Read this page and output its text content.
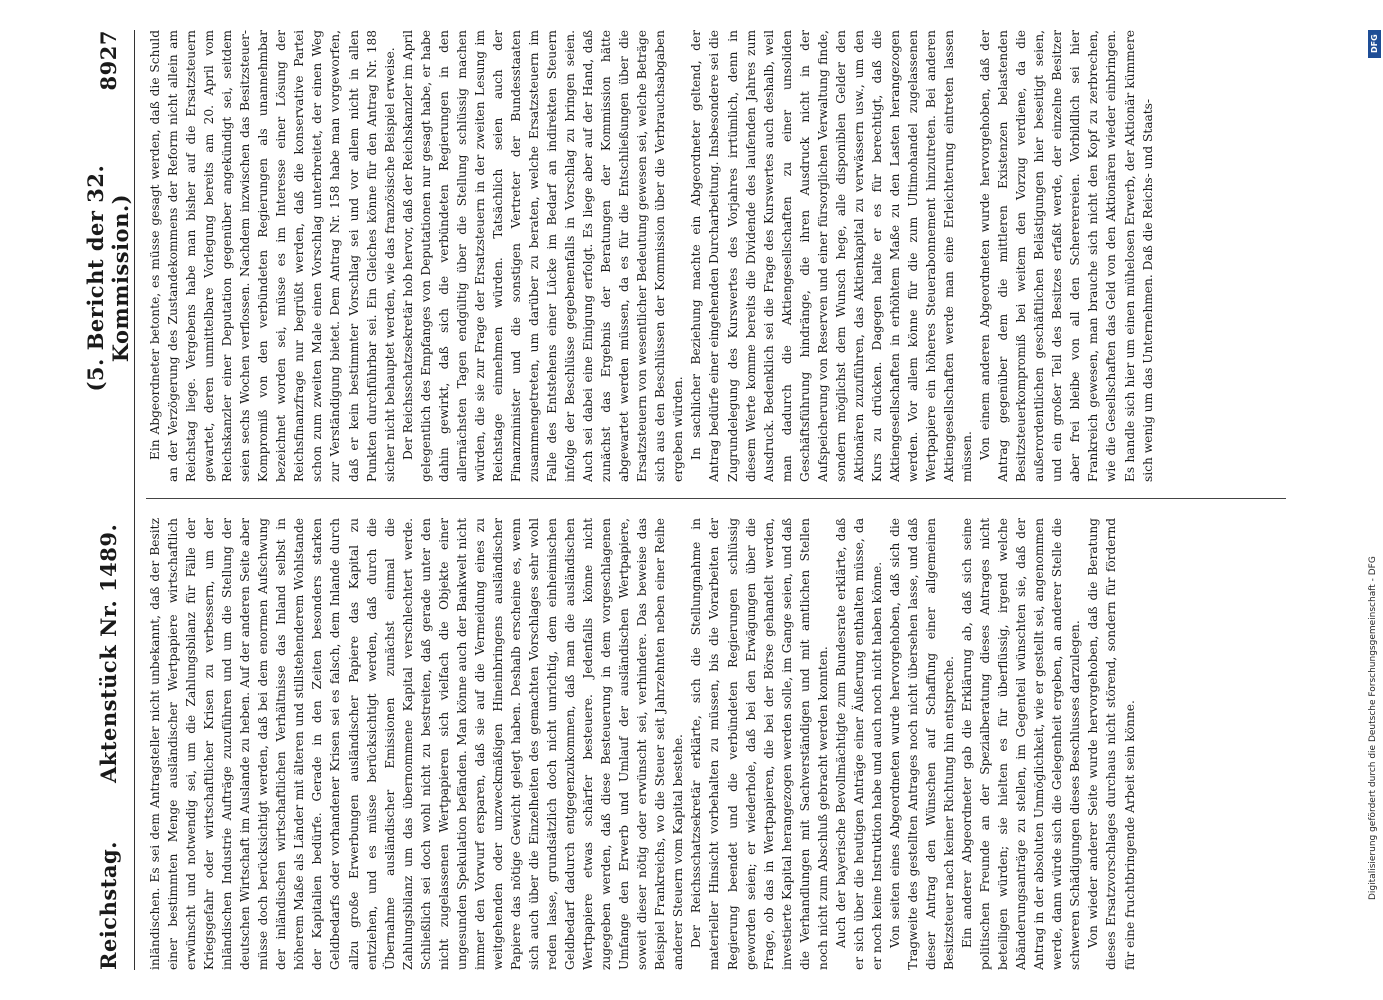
Reichstag.
Aktenstück Nr. 1489.
(5. Bericht der 32. Kommission.)
8927

inländischen. Es sei dem Antragsteller nicht unbekannt, daß der Besitz einer bestimmten Menge ausländischer Wertpapiere wirtschaftlich erwünscht und notwendig sei, um die Zahlungsbilanz für Fälle der Kriegsgefahr oder wirtschaftlicher Krisen zu verbessern, um der inländischen Industrie Aufträge zuzuführen und um die Stellung der deutschen Wirtschaft im Auslande zu heben. Auf der anderen Seite aber müsse doch berücksichtigt werden, daß bei dem enormen Aufschwung der inländischen wirtschaftlichen Verhältnisse das Inland selbst in höherem Maße als Länder mit älteren und stillstehenderem Wohlstande der Kapitalien bedürfe. Gerade in den Zeiten besonders starken Geldbedarfs oder vorhandener Krisen sei es falsch, dem Inlande durch allzu große Erwerbungen ausländischer Papiere das Kapital zu entziehen, und es müsse berücksichtigt werden, daß durch die Übernahme ausländischer Emissionen zunächst einmal die Zahlungsbilanz um das übernommene Kapital verschlechtert werde. Schließlich sei doch wohl nicht zu bestreiten, daß gerade unter den nicht zugelassenen Wertpapieren sich vielfach die Objekte einer ungesunden Spekulation befänden. Man könne auch der Bankwelt nicht immer den Vorwurf ersparen, daß sie auf die Vermeidung eines zu weitgehenden oder unzweckmäßigen Hineinbringens ausländischer Papiere das nötige Gewicht gelegt haben. Deshalb erscheine es, wenn sich auch über die Einzelheiten des gemachten Vorschlages sehr wohl reden lasse, grundsätzlich doch nicht unrichtig, dem einheimischen Geldbedarf dadurch entgegenzukommen, daß man die ausländischen Wertpapiere etwas schärfer besteuere. Jedenfalls könne nicht zugegeben werden, daß diese Besteuerung in dem vorgeschlagenen Umfange den Erwerb und Umlauf der ausländischen Wertpapiere, soweit dieser nötig oder erwünscht sei, verhindere. Das beweise das Beispiel Frankreichs, wo die Steuer seit Jahrzehnten neben einer Reihe anderer Steuern vom Kapital bestehe. Der Reichsschatzsekretär erklärte, sich die Stellungnahme in materieller Hinsicht vorbehalten zu müssen, bis die Vorarbeiten der Regierung beendet und die verbündeten Regierungen schlüssig geworden seien; er wiederhole, daß bei den Erwägungen über die Frage, ob das in Wertpapieren, die bei der Börse gehandelt werden, investierte Kapital herangezogen werden solle, im Gange seien, und daß die Verhandlungen mit Sachverständigen und mit amtlichen Stellen noch nicht zum Abschluß gebracht werden konnten. Auch der bayerische Bevollmächtigte zum Bundesrate erklärte, daß er sich über die heutigen Anträge einer Äußerung enthalten müsse, da er noch keine Instruktion habe und auch noch nicht haben könne. Von seiten eines Abgeordneten wurde hervorgehoben, daß sich die Tragweite des gestellten Antrages noch nicht übersehen lasse, und daß dieser Antrag den Wünschen auf Schaffung einer allgemeinen Besitzsteuer nach keiner Richtung hin entspreche. Ein anderer Abgeordneter gab die Erklärung ab, daß sich seine politischen Freunde an der Spezialberatung dieses Antrages nicht beteiligen würden; sie hielten es für überflüssig, irgend welche Abänderungsanträge zu stellen, im Gegenteil wünschten sie, daß der Antrag in der absoluten Unmöglichkeit, wie er gestellt sei, angenommen werde, dann würde sich die Gelegenheit ergeben, an anderer Stelle die schweren Schädigungen dieses Beschlusses darzulegen. Von wieder anderer Seite wurde hervorgehoben, daß die Beratung dieses Ersatzvorschlages durchaus nicht störend, sondern für fördernd für eine fruchtbringende Arbeit sein könne.

Ein Abgeordneter betonte, es müsse gesagt werden, daß die Schuld an der Verzögerung des Zustandekommens der Reform nicht allein am Reichstag liege. Vergebens habe man bisher auf die Ersatzsteuern gewartet, deren unmittelbare Vorlegung bereits am 20. April vom Reichskanzler einer Deputation gegenüber angekündigt sei, seitdem seien sechs Wochen verflossen. Nachdem inzwischen das Besitzsteuer-Kompromiß von den verbündeten Regierungen als unannehmbar bezeichnet worden sei, müsse es im Interesse einer Lösung der Reichsfinanzfrage nur begrüßt werden, daß die konservative Partei schon zum zweiten Male einen Vorschlag unterbreitet, der einen Weg zur Verständigung bietet. Dem Antrag Nr. 158 habe man vorgeworfen, daß er kein bestimmter Vorschlag sei und vor allem nicht in allen Punkten durchführbar sei. Ein Gleiches könne für den Antrag Nr. 188 sicher nicht behauptet werden, wie das französische Beispiel erweise. Der Reichsschatzsekretär hob hervor, daß der Reichskanzler im April gelegentlich des Empfanges von Deputationen nur gesagt habe, er habe dahin gewirkt, daß sich die verbündeten Regierungen in den allernächsten Tagen endgültig über die Stellung schlüssig machen würden, die sie zur Frage der Ersatzsteuern in der zweiten Lesung im Reichstage einnehmen würden. Tatsächlich seien auch der Finanzminister und die sonstigen Vertreter der Bundesstaaten zusammengetreten, um darüber zu beraten, welche Ersatzsteuern im Falle des Entstehens einer Lücke im Bedarf an indirekten Steuern infolge der Beschlüsse gegebenenfalls in Vorschlag zu bringen seien. Auch sei dabei eine Einigung erfolgt. Es liege aber auf der Hand, daß zunächst das Ergebnis der Beratungen der Kommission hätte abgewartet werden müssen, da es für die Entschließungen über die Ersatzsteuern von wesentlicher Bedeutung gewesen sei, welche Beträge sich aus den Beschlüssen der Kommission über die Verbrauchsabgaben ergeben würden. In sachlicher Beziehung machte ein Abgeordneter geltend, der Antrag bedürfe einer eingehenden Durcharbeitung. Insbesondere sei die Zugrundelegung des Kurswertes des Vorjahres irrtümlich, denn in diesem Werte komme bereits die Dividende des laufenden Jahres zum Ausdruck. Bedenklich sei die Frage des Kurswertes auch deshalb, weil man dadurch die Aktiengesellschaften zu einer unsoliden Geschäftsführung hindränge, die ihren Ausdruck nicht in der Aufspeicherung von Reserven und einer fürsorglichen Verwaltung finde, sondern möglichst dem Wunsch hege, alle disponiblen Gelder den Aktionären zuzuführen, das Aktienkapital zu verwässern usw., um den Kurs zu drücken. Dagegen halte er es für berechtigt, daß die Aktiengesellschaften in erhöhtem Maße zu den Lasten herangezogen werden. Vor allem könne für die zum Ultimohandel zugelassenen Wertpapiere ein höheres Steuerabonnement hinzutreten. Bei anderen Aktiengesellschaften werde man eine Erleichterung eintreten lassen müssen. Von einem anderen Abgeordneten wurde hervorgehoben, daß der Antrag gegenüber dem die mittleren Existenzen belastenden Besitzsteuerkompromiß bei weitem den Vorzug verdiene, da die außerordentlichen geschäftlichen Belästigungen hier beseitigt seien, und ein großer Teil des Besitzes erfaßt werde, der einzelne Besitzer aber frei bleibe von all den Schererereien. Vorbildlich sei hier Frankreich gewesen, man brauche sich nicht den Kopf zu zerbrechen, wie die Gesellschaften das Geld von den Aktionären wieder einbringen. Es handle sich hier um einen mühelosen Erwerb, der Aktionär kümmere sich wenig um das Unternehmen. Daß die Reichs- und Staats-

DFG
Digitalisierung gefördert durch die Deutsche Forschungsgemeinschaft - DFG
